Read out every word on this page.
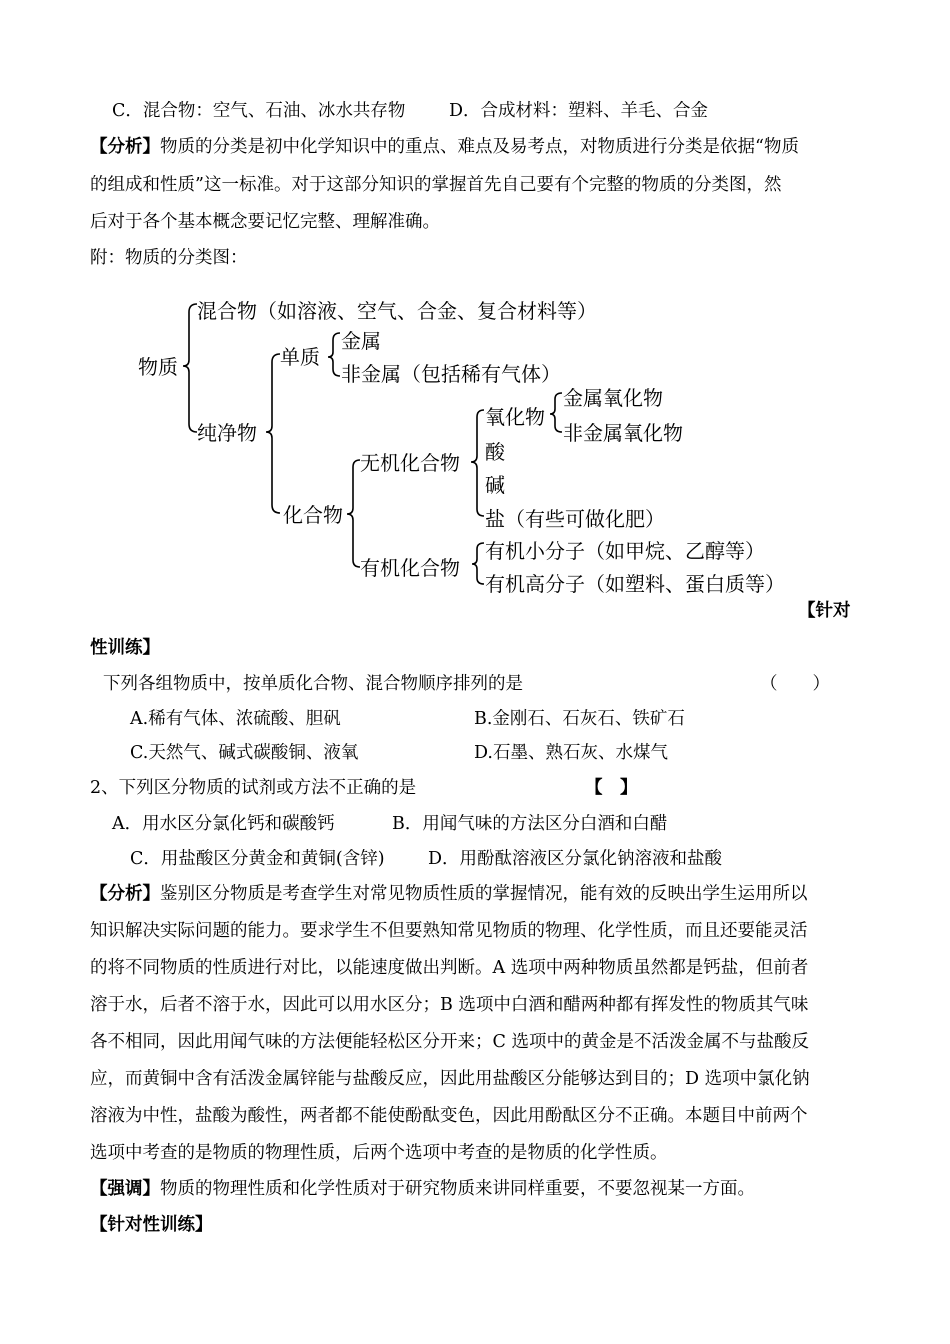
C．混合物：空气、石油、冰水共存物 D．合成材料：塑料、羊毛、合金
【分析】物质的分类是初中化学知识中的重点、难点及易考点，对物质进行分类是依据“物质
的组成和性质”这一标准。对于这部分知识的掌握首先自己要有个完整的物质的分类图，然
后对于各个基本概念要记忆完整、理解准确。
附：物质的分类图：
物质
混合物（如溶液、空气、合金、复合材料等）
纯净物
单质
金属
非金属（包括稀有气体）
化合物
无机化合物
氧化物
金属氧化物
非金属氧化物
酸
碱
盐（有些可做化肥）
有机化合物
有机小分子（如甲烷、乙醇等）
有机高分子（如塑料、蛋白质等）
【针对
性训练】
下列各组物质中，按单质化合物、混合物顺序排列的是	（　　）
A.稀有气体、浓硫酸、胆矾	B.金刚石、石灰石、铁矿石
C.天然气、碱式碳酸铜、液氧	D.石墨、熟石灰、水煤气
2、下列区分物质的试剂或方法不正确的是	【　】
A．用水区分氯化钙和碳酸钙	B．用闻气味的方法区分白酒和白醋
C．用盐酸区分黄金和黄铜(含锌) D．用酚酞溶液区分氯化钠溶液和盐酸
【分析】鉴别区分物质是考查学生对常见物质性质的掌握情况，能有效的反映出学生运用所以
知识解决实际问题的能力。要求学生不但要熟知常见物质的物理、化学性质，而且还要能灵活
的将不同物质的性质进行对比，以能速度做出判断。A 选项中两种物质虽然都是钙盐，但前者
溶于水，后者不溶于水，因此可以用水区分；B 选项中白酒和醋两种都有挥发性的物质其气味
各不相同，因此用闻气味的方法便能轻松区分开来；C 选项中的黄金是不活泼金属不与盐酸反
应，而黄铜中含有活泼金属锌能与盐酸反应，因此用盐酸区分能够达到目的；D 选项中氯化钠
溶液为中性，盐酸为酸性，两者都不能使酚酞变色，因此用酚酞区分不正确。本题目中前两个
选项中考查的是物质的物理性质，后两个选项中考查的是物质的化学性质。
【强调】物质的物理性质和化学性质对于研究物质来讲同样重要，不要忽视某一方面。
【针对性训练】
